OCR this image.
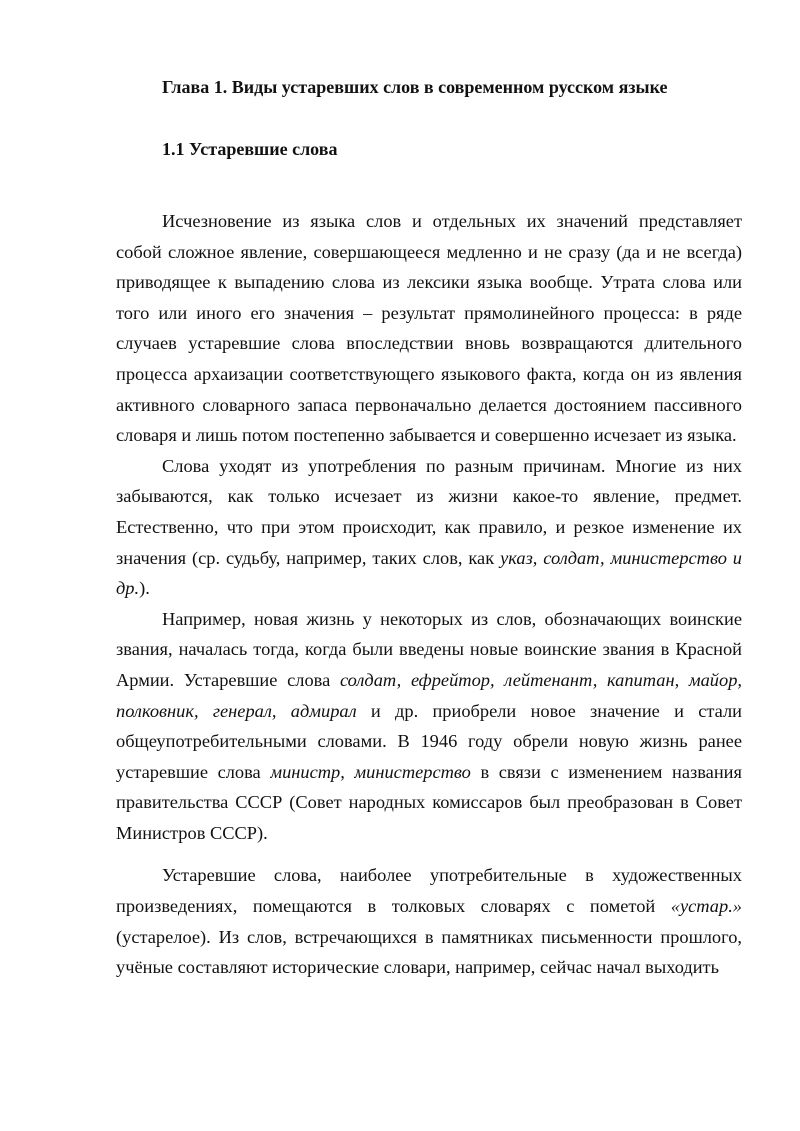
Глава 1. Виды устаревших слов в современном русском языке
1.1 Устаревшие слова

Исчезновение из языка слов и отдельных их значений представляет собой сложное явление, совершающееся медленно и не сразу (да и не всегда) приводящее к выпадению слова из лексики языка вообще. Утрата слова или того или иного его значения – результат прямолинейного процесса: в ряде случаев устаревшие слова впоследствии вновь возвращаются длительного процесса архаизации соответствующего языкового факта, когда он из явления активного словарного запаса первоначально делается достоянием пассивного словаря и лишь потом постепенно забывается и совершенно исчезает из языка.

Слова уходят из употребления по разным причинам. Многие из них забываются, как только исчезает из жизни какое-то явление, предмет. Естественно, что при этом происходит, как правило, и резкое изменение их значения (ср. судьбу, например, таких слов, как указ, солдат, министерство и др.).

Например, новая жизнь у некоторых из слов, обозначающих воинские звания, началась тогда, когда были введены новые воинские звания в Красной Армии. Устаревшие слова солдат, ефрейтор, лейтенант, капитан, майор, полковник, генерал, адмирал и др. приобрели новое значение и стали общеупотребительными словами. В 1946 году обрели новую жизнь ранее устаревшие слова министр, министерство в связи с изменением названия правительства СССР (Совет народных комиссаров был преобразован в Совет Министров СССР).

Устаревшие слова, наиболее употребительные в художественных произведениях, помещаются в толковых словарях с пометой «устар.» (устарелое). Из слов, встречающихся в памятниках письменности прошлого, учёные составляют исторические словари, например, сейчас начал выходить
